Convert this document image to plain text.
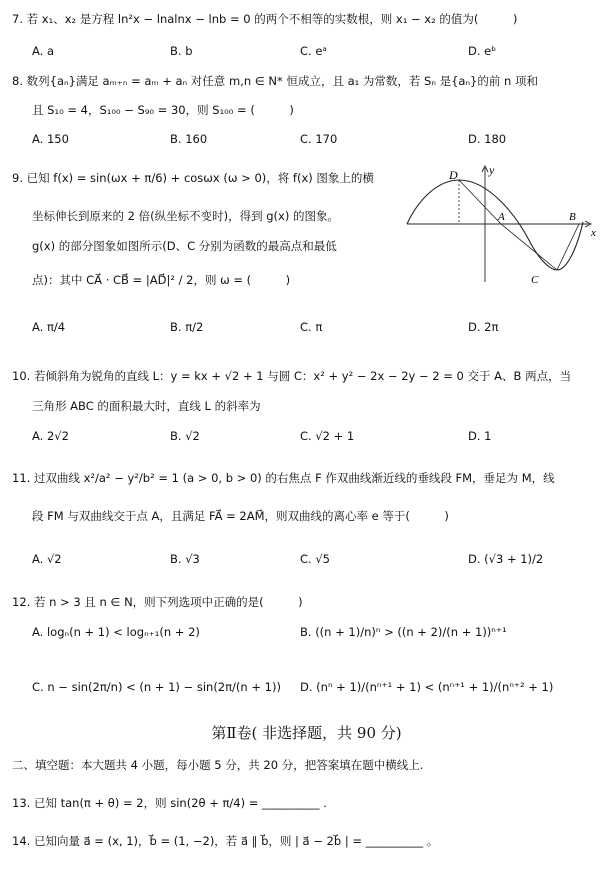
7. 若 x₁、x₂ 是方程 ln²x − lnalnx − lnb = 0 的两个不相等的实数根，则 x₁ − x₂ 的值为(　　　)
A. a	B. b	C. eᵃ	D. eᵇ
8. 数列{aₙ}满足 aₘ₊ₙ = aₘ + aₙ 对任意 m,n ∈ N* 恒成立，且 a₁ 为常数，若 Sₙ 是{aₙ}的前 n 项和
且 S₁₀ = 4，S₁₀₀ − S₉₀ = 30，则 S₁₀₀ = (　　　)
A. 150	B. 160	C. 170	D. 180
9. 已知 f(x) = sin(ωx + π/6) + cosωx (ω > 0)，将 f(x) 图象上的横
坐标伸长到原来的 2 倍(纵坐标不变时)，得到 g(x) 的图象。
g(x) 的部分图象如图所示(D、C 分别为函数的最高点和最低
点)：其中 CA⃗ · CB⃗ = |AD⃗|² / 2，则 ω = (　　　)
D	y
A	B
x
C
A. π/4	B. π/2	C. π	D. 2π
10. 若倾斜角为锐角的直线 L：y = kx + √2 + 1 与圆 C：x² + y² − 2x − 2y − 2 = 0 交于 A、B 两点，当
三角形 ABC 的面积最大时，直线 L 的斜率为
A. 2√2	B. √2	C. √2 + 1	D. 1
11. 过双曲线 x²/a² − y²/b² = 1 (a > 0, b > 0) 的右焦点 F 作双曲线渐近线的垂线段 FM，垂足为 M，线
段 FM 与双曲线交于点 A，且满足 FA⃗ = 2AM⃗，则双曲线的离心率 e 等于(　　　)
A. √2	B. √3	C. √5	D. (√3 + 1)/2
12. 若 n > 3 且 n ∈ N，则下列选项中正确的是(　　　)
A. logₙ(n + 1) < logₙ₊₁(n + 2)	B. ((n + 1)/n)ⁿ > ((n + 2)/(n + 1))ⁿ⁺¹
C. n − sin(2π/n) < (n + 1) − sin(2π/(n + 1)) D. (nⁿ + 1)/(nⁿ⁺¹ + 1) < (nⁿ⁺¹ + 1)/(nⁿ⁺² + 1)
第Ⅱ卷( 非选择题，共 90 分)
二、填空题：本大题共 4 小题，每小题 5 分，共 20 分，把答案填在题中横线上.
13. 已知 tan(π + θ) = 2，则 sin(2θ + π/4) = __________ .
14. 已知向量 a⃗ = (x, 1)，b⃗ = (1, −2)，若 a⃗ ∥ b⃗，则 | a⃗ − 2b⃗ | = __________ 。
